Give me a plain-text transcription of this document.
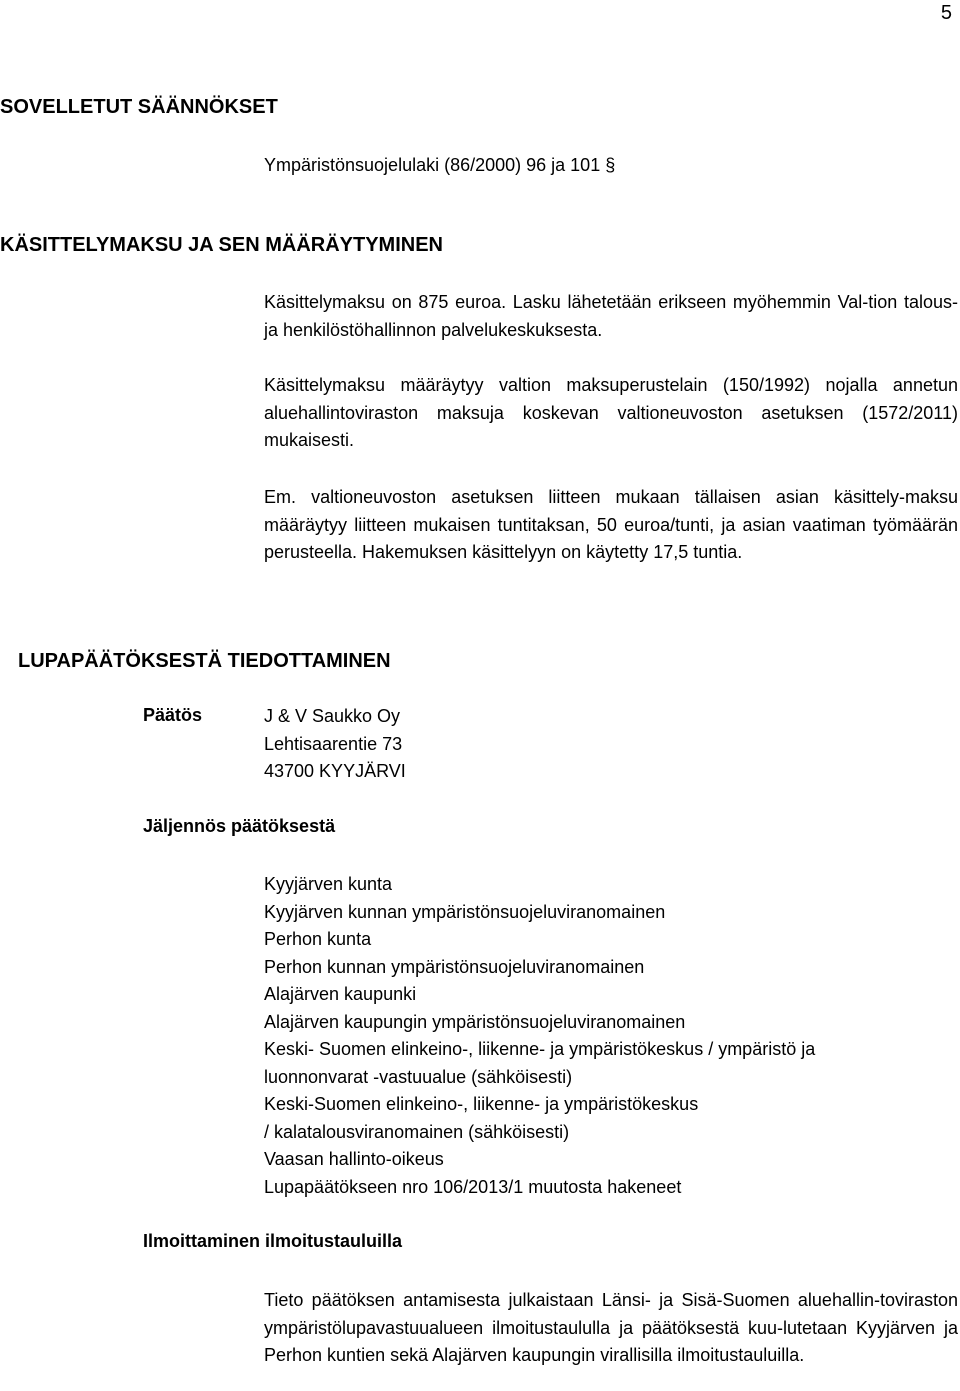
5
SOVELLETUT SÄÄNNÖKSET
Ympäristönsuojelulaki (86/2000) 96 ja 101 §
KÄSITTELYMAKSU JA SEN MÄÄRÄYTYMINEN

Käsittelymaksu on 875 euroa. Lasku lähetetään erikseen myöhemmin Val-tion talous- ja henkilöstöhallinnon palvelukeskuksesta.

Käsittelymaksu määräytyy valtion maksuperustelain (150/1992) nojalla annetun aluehallintoviraston maksuja koskevan valtioneuvoston asetuksen (1572/2011) mukaisesti.

Em. valtioneuvoston asetuksen liitteen mukaan tällaisen asian käsittely-maksu määräytyy liitteen mukaisen tuntitaksan, 50 euroa/tunti, ja asian vaatiman työmäärän perusteella. Hakemuksen käsittelyyn on käytetty 17,5 tuntia.

LUPAPÄÄTÖKSESTÄ TIEDOTTAMINEN
Päätös	J & V Saukko Oy
Lehtisaarentie 73
43700 KYYJÄRVI
Jäljennös päätöksestä
Kyyjärven kunta
Kyyjärven kunnan ympäristönsuojeluviranomainen
Perhon kunta
Perhon kunnan ympäristönsuojeluviranomainen
Alajärven kaupunki
Alajärven kaupungin ympäristönsuojeluviranomainen
Keski- Suomen elinkeino-, liikenne- ja ympäristökeskus / ympäristö ja
luonnonvarat -vastuualue (sähköisesti)
Keski-Suomen elinkeino-, liikenne- ja ympäristökeskus
/ kalatalousviranomainen (sähköisesti)
Vaasan hallinto-oikeus
Lupapäätökseen nro 106/2013/1 muutosta hakeneet
Ilmoittaminen ilmoitustauluilla

Tieto päätöksen antamisesta julkaistaan Länsi- ja Sisä-Suomen aluehallin-toviraston ympäristölupavastuualueen ilmoitustaululla ja päätöksestä kuu-lutetaan Kyyjärven ja Perhon kuntien sekä Alajärven kaupungin virallisilla ilmoitustauluilla.
